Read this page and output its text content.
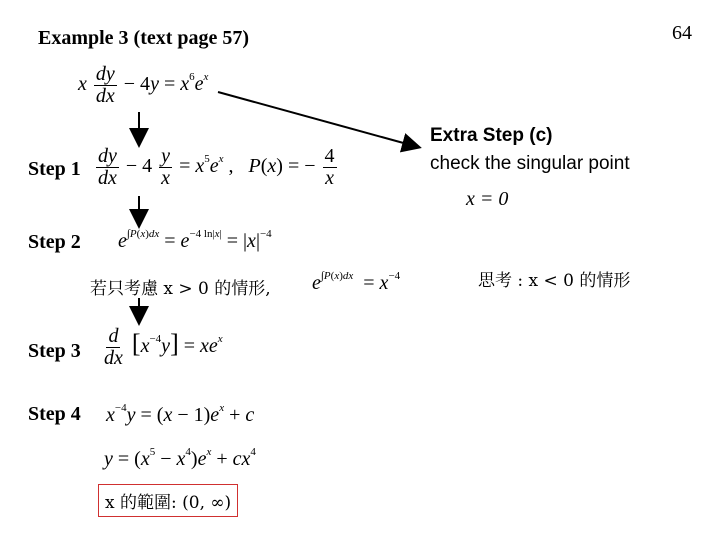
Example 3 (text page 57)	64
x $\frac{dy}{dx} - 4y = x^6e^x$
Step $1 \frac{dy}{dx} - 4 \frac{y}{x} = x^5e^x$ ,   P(x) = − $\frac{4}{x}$
Extra Step (c)
check the singular point
x = 0
Step 2 $e^{\int P(x)dx} = e^{-4 ln|x|} = |x|^{-4}$
若只考慮 x > 0 的情形, $e^{\int P(x)dx} = x^{-4}$	思考 : x < 0 的情形
Step $3 \frac{d}{dx} [x^{-4}y] = xe^x$
Step 4 $x^{-4}y = (x - 1)e^x + c$
$y = (x^5 - x^4)e^x + cx^4$
x 的範圍: (0, ∞)
